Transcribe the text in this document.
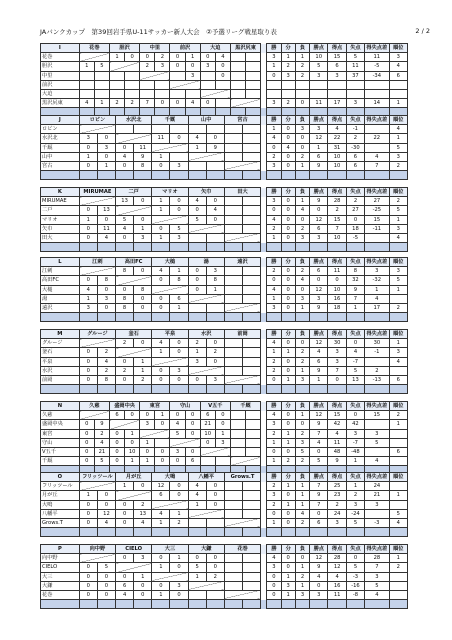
JAバンクカップ　第39回岩手県U-11サッカー新人大会　②予選リーグ戦星取り表	2 / 2
I	花巻		胆沢		中里		前沢		大迫		黒沢尻東			勝	分	負	勝点	得点	失点	得失点差	順位
花巻			1	0	0	2	0	1	0	4				3	1	1	10	15	5	11	3
胆沢	1	5			2	3	0	0	3	0				1	2	2	5	6	11	-5	4
中里								3		0				0	3	2	3	3	37	-34	6
前沢																					
大迫																					
黒沢尻東	4	1	2	2	7	0	0	4	0					3	2	0	11	17	3	14	1

J	ロビン		水沢北		千厩		山中		宮古			勝	分	負	勝点	得点	失点	得失点差	順位
ロビン												1	0	3	3	4	-1		4
水沢北	3	0			11	0	4	0				4	0	0	12	22	2	22	1
千厩	0	3	0	11			1	9				0	4	0	1	31	-30		5
山中	1	0	4	9	1							2	0	2	6	10	6	4	3
宮古	0	1	0	8	0	3						3	0	1	9	10	6	7	2

K	MIRUMAE		二戸		マリオ		矢巾		田大			勝	分	負	勝点	得点	失点	得失点差	順位
MIRUMAE			13	0	1	0	4	0				3	0	1	9	28	2	27	2
二戸	0	13			1	0	0	4				0	0	4	0	2	27	-25	5
マリオ	1	0	5	0			5	0				4	0	0	12	15	0	15	1
矢巾	0	11	4	1	0	5						2	0	2	6	7	18	-11	3
田大	0	4	0	3	1	3						1	0	3	3	10	-5		4

L	江刺		高田FC		大槌		湯		遠沢			勝	分	負	勝点	得点	失点	得失点差	順位
江刺			8	0	4	1	0	3				2	0	2	6	11	8	3	3
高田FC	0	8			0	8	0	8				0	0	4	0	0	32	-32	5
大槌	4	0	0	8			0	1				4	0	0	12	10	9	1	1
湯	1	3	8	0	0	6						1	0	3	3	16	7	4	
遠沢	3	0	8	0	0	1						3	0	1	9	18	1	17	2

M	グルージ		釜石		平泉		水沢		前岡			勝	分	負	勝点	得点	失点	得失点差	順位
グルージ			2	0	4	0	2	0				4	0	0	12	30	0	30	1
釜石	0	2			1	0	1	2				1	1	2	4	3	4	-1	3
平泉	0	4	0	1			3	0				2	0	2	6	3	-7		4
水沢	0	2	2	1	0	3						2	0	1	9	7	5	2	
前岡	0	8	0	2	0	0	0	3				0	1	3	1	0	13	-13	6

N	久慈		盛岡中央		東宮		守山		V五千		千厩			勝	分	負	勝点	得点	失点	得失点差	順位
久慈			6	0	0	1	0	0	6	0				4	0	1	12	15	0	15	2
盛岡中央	0	9			3	0	4	0	21	0				3	0	0	9	42	42		1
東宮	0	2	0	1			5	0	10	1				2	1	2	7	4	3	3	
守山	0	4	0	0	1				0	3				1	1	3	4	11	-7	5	
V五千	0	21	0	10	0	0	3	0						0	0	5	0	48	-48		6
千厩	0	5	0	1	1	0	0	6						1	2	2	5	9	1	4	

O	フリッツール		月が丘		大鳴		八幡平		Grows.T			勝	分	負	勝点	得点	失点	得失点差	順位
フリッツール			1	0	12	0	4	0				2	1	1	7	25	1	24	
月が丘	1	0			6	0	4	0				3	0	1	9	23	2	21	1
大鳴	0	0	0	2			1	0				2	1	1	7	2	3	3	
八幡平	0	12	0	13	4	1						0	0	4	0	24	-24		5
Grows.T	0	4	0	4	1	2						1	0	2	6	3	5	-3	4

P	向中野		CIELO		大三		大鎌		花巻			勝	分	負	勝点	得点	失点	得失点差	順位
向中野			0	3	0	1	0	0				4	0	0	12	28	0	28	1
CIELO	0	5			1	0	5	0				3	0	1	9	12	5	7	2
大三	0	0	0	1			1	2				0	1	2	4	4	-3	3	
大鎌	0	0	6	0	0	3						0	3	1	0	16	-16	5	
花巻	0	0	4	0	1	0						0	1	3	3	11	-8	4	
